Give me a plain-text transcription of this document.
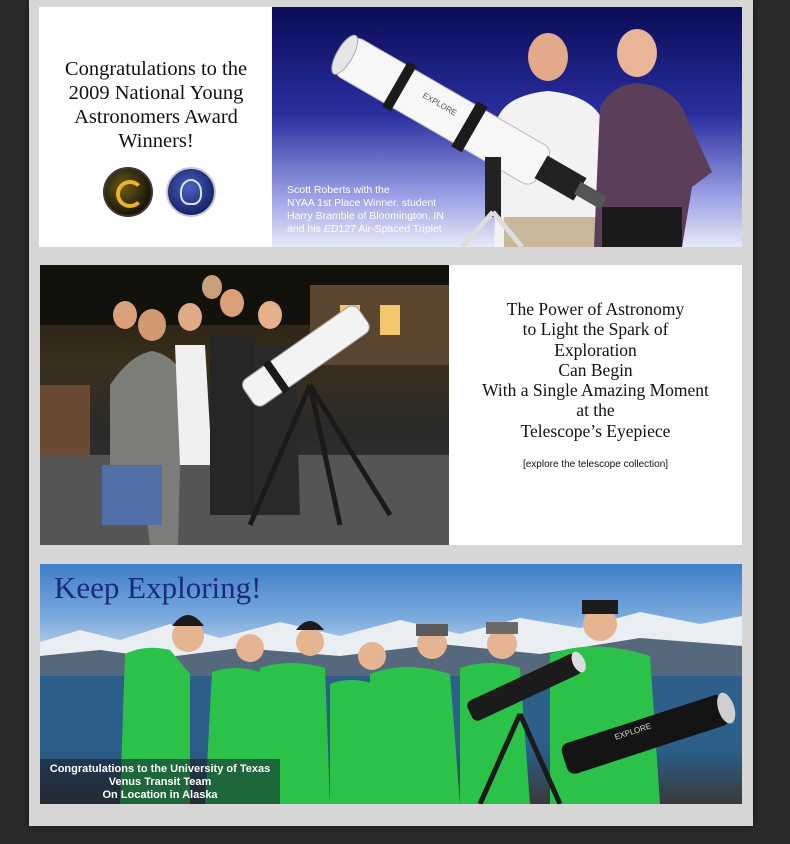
Congratulations to the
2009 National Young
Astronomers Award
Winners!
EXPLORE
Scott Roberts with the
NYAA 1st Place Winner. student
Harry Bramble of Bloomington, IN
and his ED127 Air-Spaced Triplet
The Power of Astronomy
to Light the Spark of
Exploration
Can Begin
With a Single Amazing Moment
at the
Telescope’s Eyepiece
[explore the telescope collection]
EXPLORE
Keep Exploring!
Congratulations to the University of Texas
Venus Transit Team
On Location in Alaska
